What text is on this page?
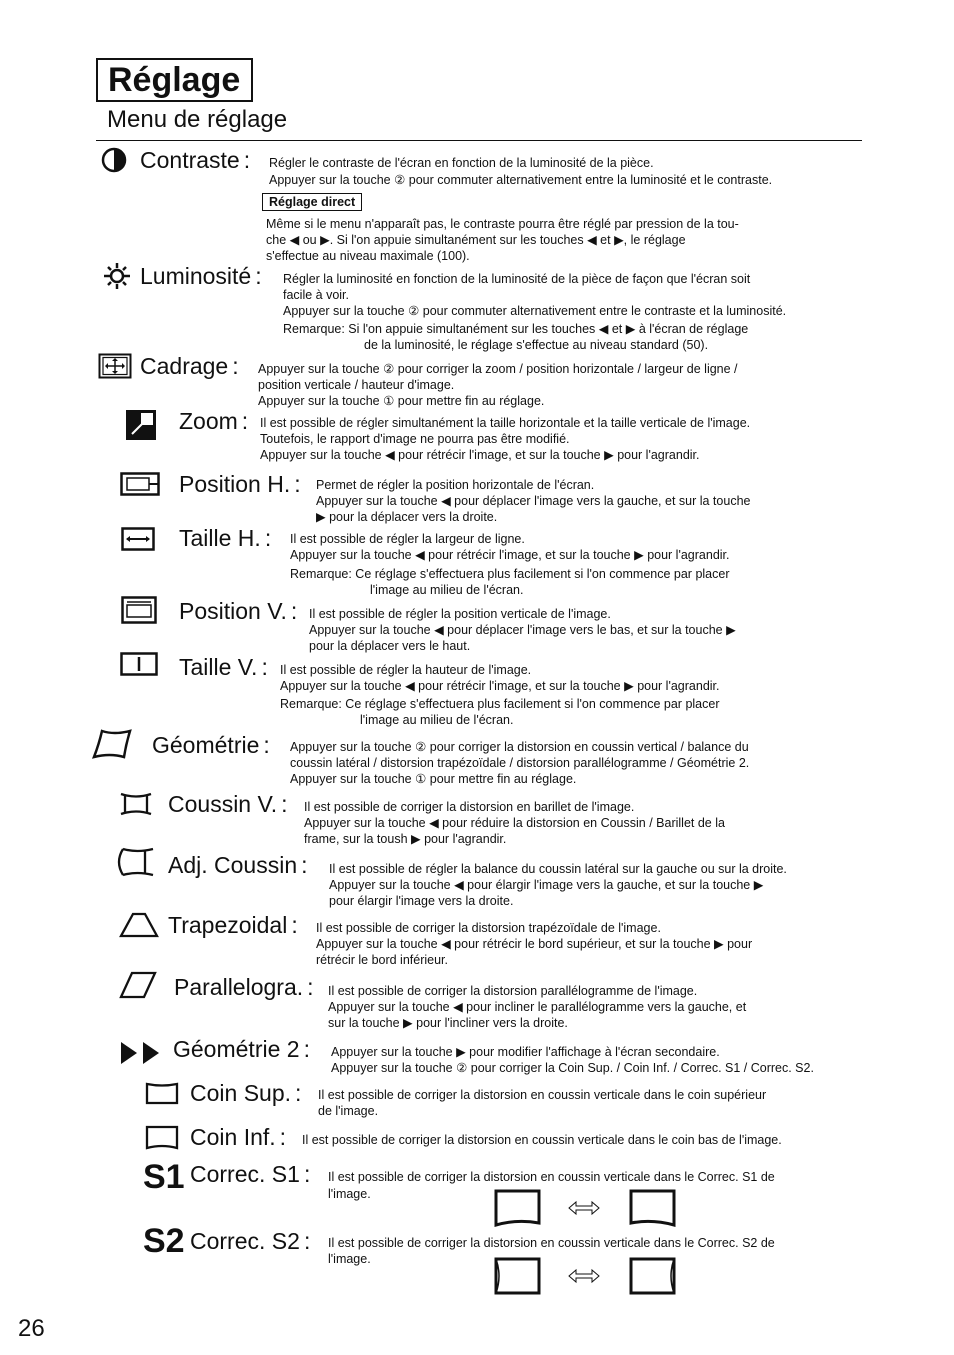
Réglage
Menu de réglage
Contraste : Régler le contraste de l'écran en fonction de la luminosité de la pièce.
Appuyer sur la touche ② pour commuter alternativement entre la luminosité et le contraste.
Réglage direct
Même si le menu n'apparaît pas, le contraste pourra être réglé par pression de la tou-
che ◀ ou ▶. Si l'on appuie simultanément sur les touches ◀ et ▶, le réglage
s'effectue au niveau maximale (100).
Luminosité : Régler la luminosité en fonction de la luminosité de la pièce de façon que l'écran soit
facile à voir.
Appuyer sur la touche ② pour commuter alternativement entre le contraste et la luminosité.
Remarque: Si l'on appuie simultanément sur les touches ◀ et ▶ à l'écran de réglage
de la luminosité, le réglage s'effectue au niveau standard (50).
Cadrage : Appuyer sur la touche ② pour corriger la zoom / position horizontale / largeur de ligne /
position verticale / hauteur d'image.
Appuyer sur la touche ① pour mettre fin au réglage.
Zoom : Il est possible de régler simultanément la taille horizontale et la taille verticale de l'image.
Toutefois, le rapport d'image ne pourra pas être modifié.
Appuyer sur la touche ◀ pour rétrécir l'image, et sur la touche ▶ pour l'agrandir.
Position H. : Permet de régler la position horizontale de l'écran.
Appuyer sur la touche ◀ pour déplacer l'image vers la gauche, et sur la touche
▶ pour la déplacer vers la droite.
Taille H. : Il est possible de régler la largeur de ligne.
Appuyer sur la touche ◀ pour rétrécir l'image, et sur la touche ▶ pour l'agrandir.
Remarque: Ce réglage s'effectuera plus facilement si l'on commence par placer
l'image au milieu de l'écran.
Position V. : Il est possible de régler la position verticale de l'image.
Appuyer sur la touche ◀ pour déplacer l'image vers le bas, et sur la touche ▶
pour la déplacer vers le haut.
Taille V. : Il est possible de régler la hauteur de l'image.
Appuyer sur la touche ◀ pour rétrécir l'image, et sur la touche ▶ pour l'agrandir.
Remarque: Ce réglage s'effectuera plus facilement si l'on commence par placer
l'image au milieu de l'écran.
Géométrie : Appuyer sur la touche ② pour corriger la distorsion en coussin vertical / balance du
coussin latéral / distorsion trapézoïdale / distorsion parallélogramme / Géométrie 2.
Appuyer sur la touche ① pour mettre fin au réglage.
Coussin V. : Il est possible de corriger la distorsion en barillet de l'image.
Appuyer sur la touche ◀ pour réduire la distorsion en Coussin / Barillet de la
frame, sur la toush ▶ pour l'agrandir.
Adj. Coussin : Il est possible de régler la balance du coussin latéral sur la gauche ou sur la droite.
Appuyer sur la touche ◀ pour élargir l'image vers la gauche, et sur la touche ▶
pour élargir l'image vers la droite.
Trapezoidal : Il est possible de corriger la distorsion trapézoïdale de l'image.
Appuyer sur la touche ◀ pour rétrécir le bord supérieur, et sur la touche ▶ pour
rétrécir le bord inférieur.
Parallelogra. : Il est possible de corriger la distorsion parallélogramme de l'image.
Appuyer sur la touche ◀ pour incliner le parallélogramme vers la gauche, et
sur la touche ▶ pour l'incliner vers la droite.
Géométrie 2 : Appuyer sur la touche ▶ pour modifier l'affichage à l'écran secondaire.
Appuyer sur la touche ② pour corriger la Coin Sup. / Coin Inf. / Correc. S1 / Correc. S2.
Coin Sup. : Il est possible de corriger la distorsion en coussin verticale dans le coin supérieur
de l'image.
Coin Inf. : Il est possible de corriger la distorsion en coussin verticale dans le coin bas de l'image.
S1 Correc. S1 : Il est possible de corriger la distorsion en coussin verticale dans le Correc. S1 de
l'image.
S2 Correc. S2 : Il est possible de corriger la distorsion en coussin verticale dans le Correc. S2 de
l'image.
26
